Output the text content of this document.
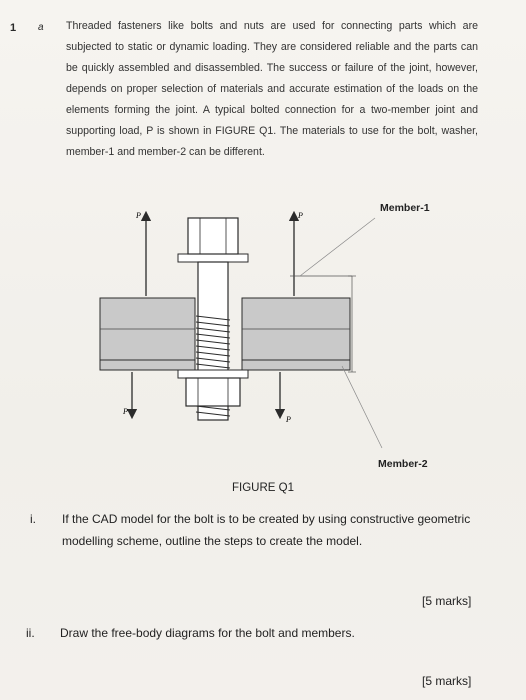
1 a Threaded fasteners like bolts and nuts are used for connecting parts which are subjected to static or dynamic loading. They are considered reliable and the parts can be quickly assembled and disassembled. The success or failure of the joint, however, depends on proper selection of materials and accurate estimation of the loads on the elements forming the joint. A typical bolted connection for a two-member joint and supporting load, P is shown in FIGURE Q1. The materials to use for the bolt, washer, member-1 and member-2 can be different.
P	P
P
P
Member-1
Member-2
FIGURE Q1
i. If the CAD model for the bolt is to be created by using constructive geometric modelling scheme, outline the steps to create the model.
[5 marks]
ii. Draw the free-body diagrams for the bolt and members.
[5 marks]
